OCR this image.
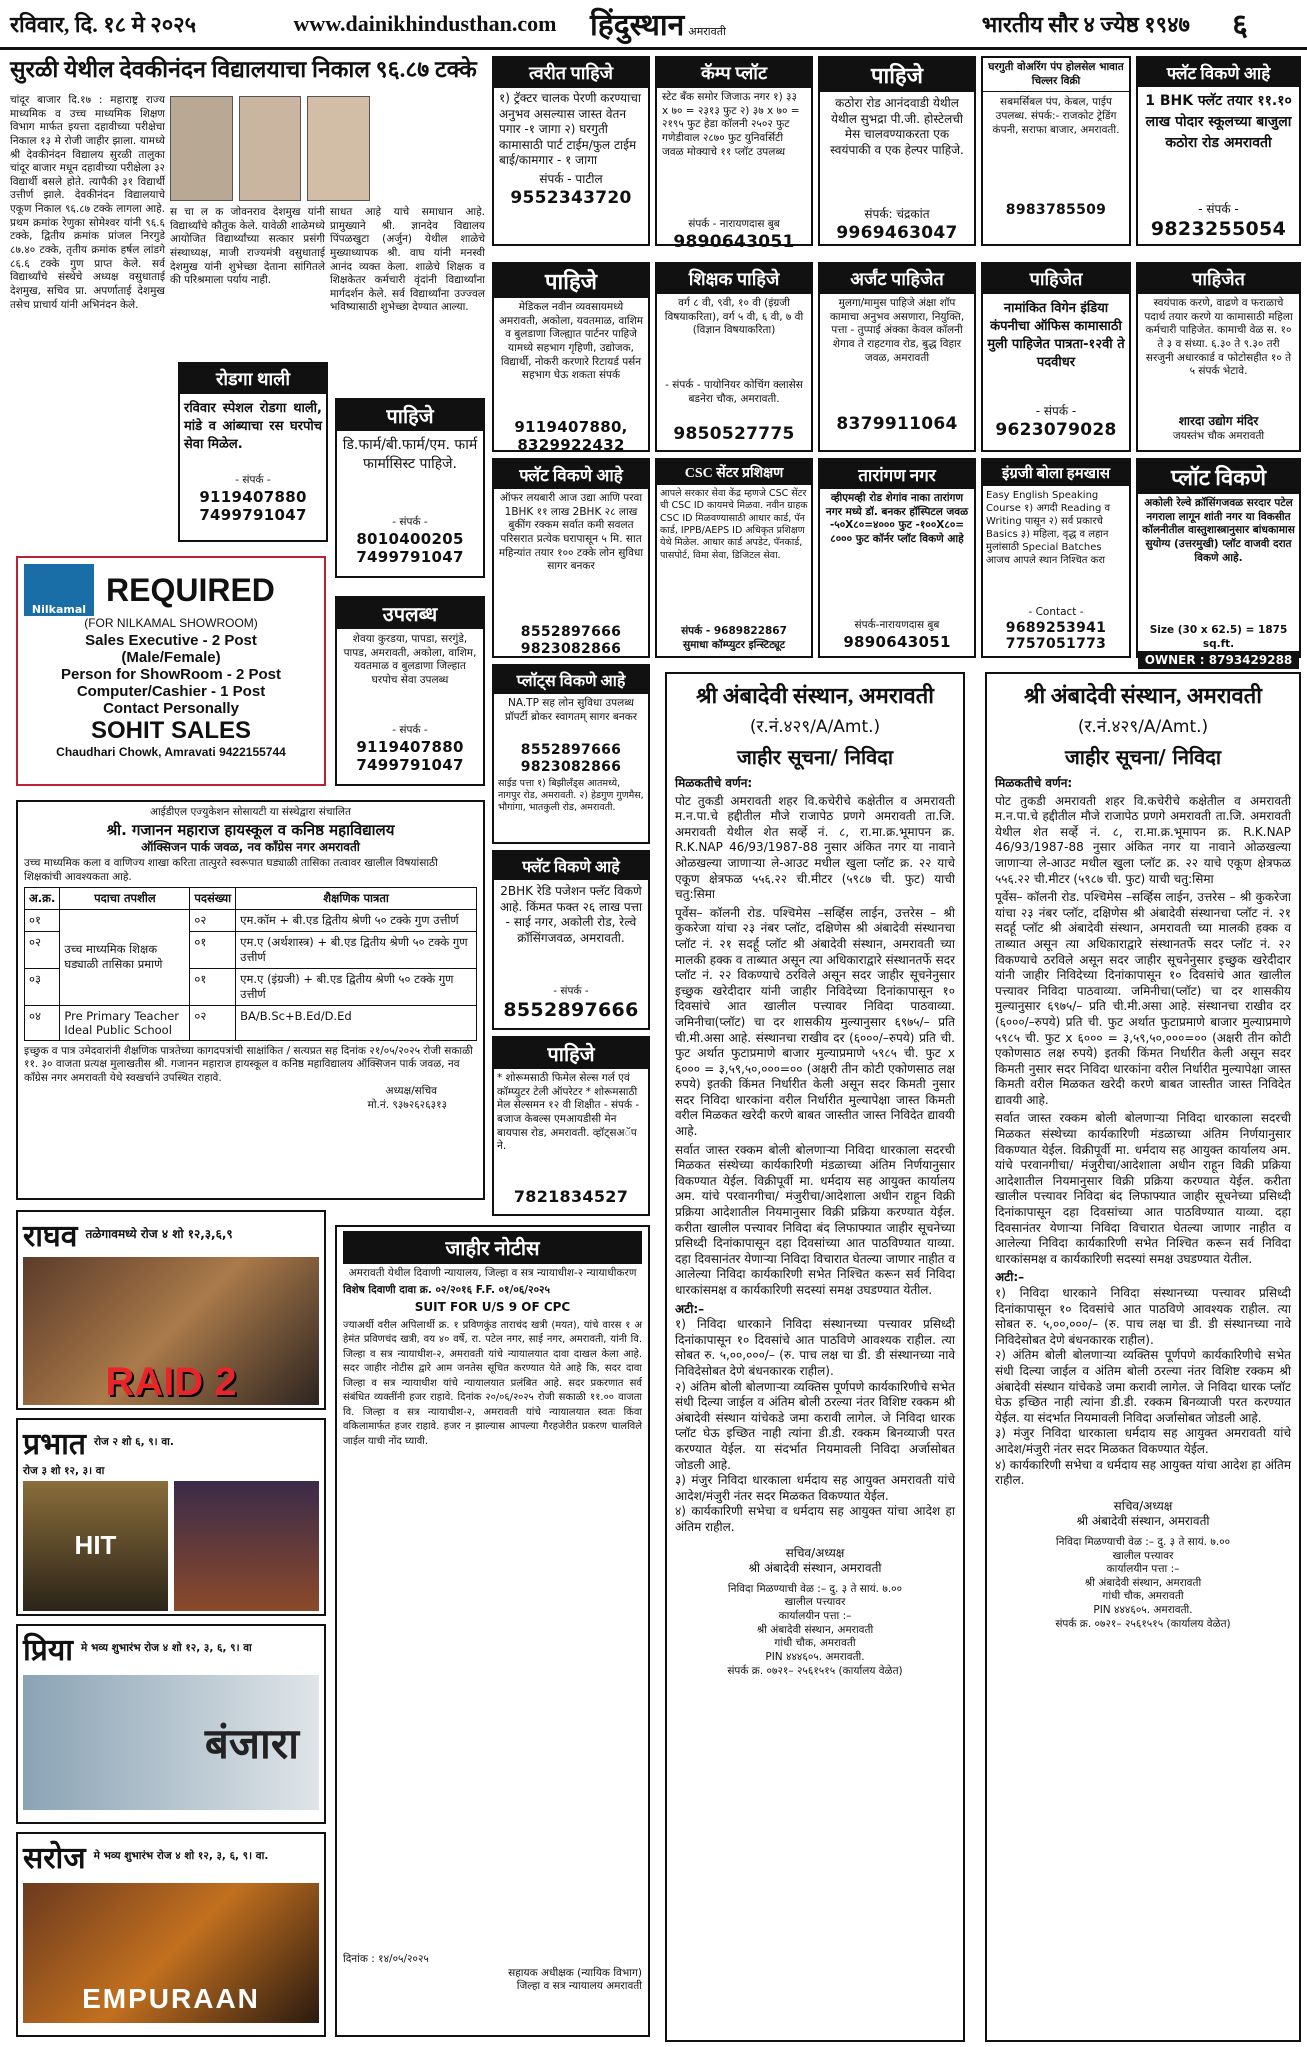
रविवार, दि. १८ मे २०२५	www.dainikhindusthan.com	हिंदुस्थान अमरावती	भारतीय सौर ४ ज्येष्ठ १९४७	६
सुरळी येथील देवकीनंदन विद्यालयाचा निकाल ९६.८७ टक्के
चांदूर बाजार दि.१७ : महाराष्ट्र राज्य माध्यमिक व उच्च माध्यमिक शिक्षण विभाग मार्फत इयत्ता दहावीच्या परीक्षेचा निकाल १३ मे रोजी जाहीर झाला. यामध्ये श्री देवकीनंदन विद्यालय सुरळी तालुका चांदूर बाजार मधून दहावीच्या परीक्षेला ३२ विद्यार्थी बसले होते. त्यापैकी ३१ विद्यार्थी उत्तीर्ण झाले. देवकीनंदन विद्यालयाचे एकूण निकाल ९६.८७ टक्के लागला आहे. प्रथम क्रमांक रेणुका सोमेश्वर यांनी ९६.६ टक्के, द्वितीय क्रमांक प्रांजल निरगुडे ८७.४० टक्के, तृतीय क्रमांक हर्षल लांडगे ८६.६ टक्के गुण प्राप्त केले. सर्व विद्यार्थ्यांचे संस्थेचे अध्यक्ष वसुधाताई देशमुख, सचिव प्रा. अपर्णाताई देशमुख तसेच प्राचार्य यांनी अभिनंदन केले.
स चा ल क जोवनराव देशमुख यांनी विद्यार्थ्यांचे कौतुक केले. यावेळी शाळेमध्ये आयोजित विद्यार्थ्यांच्या सत्कार प्रसंगी संस्थाध्यक्ष, माजी राज्यमंत्री वसुधाताई देशमुख यांनी शुभेच्छा देताना सांगितले की परिश्रमाला पर्याय नाही.
साधत आहे याचे समाधान आहे. प्रामुख्याने श्री. ज्ञानदेव विद्यालय पिंपळखुटा (अर्जुन) येथील शाळेचे मुख्याध्यापक श्री. वाघ यांनी मनस्वी आनंद व्यक्त केला. शाळेचे शिक्षक व शिक्षकेतर कर्मचारी वृंदांनी विद्यार्थ्यांना मार्गदर्शन केले. सर्व विद्यार्थ्यांना उज्ज्वल भविष्यासाठी शुभेच्छा देण्यात आल्या.
त्वरीत पाहिजे
१) ट्रॅक्टर चालक पेरणी करण्याचा अनुभव असल्यास जास्त वेतन पगार -१ जागा २) घरगुती कामासाठी पार्ट टाईम/फुल टाईम बाई/कामगार - १ जागा
संपर्क - पाटील
9552343720
कॅम्प प्लॉट
स्टेट बँक समोर जिजाऊ नगर १) ३३ x ७० = २३१३ फुट २) ३७ x ७० = २१९५ फुट हेडा कॉलनी २५०२ फुट गणेडीवाल २८७० फुट युनिवर्सिटी जवळ मोक्याचे ११ प्लॉट उपलब्ध
संपर्क - नारायणदास बुब
9890643051
पाहिजे
कठोरा रोड आनंदवाडी येथील येथील सुभद्रा पी.जी. होस्टेलची मेस चालवण्याकरता एक स्वयंपाकी व एक हेल्पर पाहिजे.
संपर्क: चंद्रकांत
9969463047
घरगुती वोअरिंग पंप होलसेल भावात चिल्लर विक्री
सबमर्सिबल पंप, केबल, पाईप उपलब्ध. संपर्क:- राजकोट ट्रेडिंग कंपनी, सराफा बाजार, अमरावती.
8983785509
फ्लॅट विकणे आहे
1 BHK फ्लॅट तयार ११.१० लाख पोदार स्कूलच्या बाजुला कठोरा रोड अमरावती
- संपर्क -
9823255054
पाहिजे
मेडिकल नवीन व्यवसायमध्ये अमरावती, अकोला, यवतमाळ, वाशिम व बुलडाणा जिल्ह्यात पार्टनर पाहिजे यामध्ये सहभाग गृहिणी, उद्योजक, विद्यार्थी, नोकरी करणारे रिटायर्ड पर्सन सहभाग घेऊ शकता संपर्क
9119407880, 8329922432
शिक्षक पाहिजे
वर्ग ८ वी, ९वी, १० वी (इंग्रजी विषयाकरिता), वर्ग ५ वी, ६ वी, ७ वी (विज्ञान विषयाकरिता)
- संपर्क - पायोनियर कोचिंग क्लासेस बडनेरा चौक, अमरावती.
9850527775
अर्जंट पाहिजेत
मुलगा/मामुस पाहिजे अंक्षा शॉप कामाचा अनुभव असणारा, नियुक्ति, पत्ता - तुप्पाई अंक्का केवल कॉलनी शेगाव ते राहटगाव रोड, बुद्ध विहार जवळ, अमरावती
8379911064
पाहिजेत
नामांकित विगेन इंडिया कंपनीचा ऑफिस कामासाठी मुली पाहिजेत पात्रता-१२वी ते पदवीधर
- संपर्क -
9623079028
पाहिजेत
स्वयंपाक करणे, वाढणे व फराळाचे पदार्थ तयार करणे या कामासाठी महिला कर्मचारी पाहिजेत. कामाची वेळ स. १० ते ३ व संध्या. ६.३० ते ९.३० तरी सरजुनी अधारकार्ड व फोटोसहीत १० ते ५ संपर्क भेटावे.
शारदा उद्योग मंदिर
जयस्तंभ चौक अमरावती
रोडगा थाली
रविवार स्पेशल रोडगा थाली, मांडे व आंब्याचा रस घरपोच सेवा मिळेल.
- संपर्क -
9119407880 7499791047
पाहिजे
डि.फार्म/बी.फार्म/एम. फार्म फार्मासिस्ट पाहिजे.
- संपर्क -
8010400205 7499791047
Nilkamal
REQUIRED
(FOR NILKAMAL SHOWROOM)
Sales Executive - 2 Post
(Male/Female)
Person for ShowRoom - 2 Post
Computer/Cashier - 1 Post
Contact Personally
SOHIT SALES
Chaudhari Chowk, Amravati 9422155744
उपलब्ध
शेवया कुरडया, पापडा, सरगुंडे, पापड, अमरावती, अकोला, वाशिम, यवतमाळ व बुलडाणा जिल्हात घरपोच सेवा उपलब्ध
- संपर्क -
9119407880 7499791047
फ्लॅट विकणे आहे
ऑफर लयबारी आज उद्या आणि परवा 1BHK ११ लाख 2BHK २८ लाख बुकींग रक्कम सर्वात कमी सवलत परिसरात प्रत्येक घरापासून ५ मि. सात महिन्यांत तयार १०० टक्के लोन सुविधा सागर बनकर
8552897666 9823082866
CSC सेंटर प्रशिक्षण
आपले सरकार सेवा केंद्र म्हणजे CSC सेंटर ची CSC ID कायमचे मिळवा. नवीन ग्राहक CSC ID मिळवण्यासाठी आधार कार्ड, पॅन कार्ड, IPPB/AEPS ID अधिकृत प्रशिक्षण येथे मिळेल. आधार कार्ड अपडेट, पॅनकार्ड, पासपोर्ट, विमा सेवा, डिजिटल सेवा.
संपर्क - 9689822867
सुमाधा कॉम्प्युटर इन्स्टिट्यूट
तारांगण नगर
व्हीएमव्ही रोड शेगांव नाका तारांगण नगर मध्ये डॉ. बनकर हॉस्पिटल जवळ -५०X८०=४००० फुट -१००X८०= ८००० फुट कॉर्नर प्लॉट विकणे आहे
संपर्क-नारायणदास बुब
9890643051
इंग्रजी बोला हमखास
Easy English Speaking Course १) अगदी Reading व Writing पासून २) सर्व प्रकारचे Basics ३) महिला, वृद्ध व लहान मुलांसाठी Special Batches आजच आपले स्थान निश्चित करा
- Contact -
9689253941 7757051773
प्लॉट विकणे
अकोली रेल्वे क्रॉसिंगजवळ सरदार पटेल नगराला लागून शांती नगर या विकसीत कॉलनीतील वास्तुशास्त्रानुसार बांधकामास सुयोग्य (उत्तरमुखी) प्लॉट वाजवी दरात विकणे आहे.
Size (30 x 62.5) = 1875 sq.ft.
OWNER : 8793429288
प्लॉट्स विकणे आहे
NA.TP सह लोन सुविधा उपलब्ध प्रॉपर्टी ब्रोकर स्वागतम् सागर बनकर
8552897666 9823082866
साईड पत्ता १) बिझीलॅंड्स आतमध्ये, नागपुर रोड, अमरावती. २) हेडगुण गुणमैस, भौगांगा, भातकुली रोड, अमरावती.
फ्लॅट विकणे आहे
2BHK रेडि पजेशन फ्लॅट विकणे आहे. किंमत फक्त २६ लाख पत्ता - साई नगर, अकोली रोड, रेल्वे क्रॉसिंगजवळ, अमरावती.
- संपर्क -
8552897666
पाहिजे
* शोरूमसाठी फिमेल सेल्स गर्ल एवं कॉम्प्युटर टेली ऑपरेटर * शोरूमसाठी मेल सेल्समन १२ वी शिक्षीत - संपर्क - बजाज केबल्स एमआयडीसी मेन बायपास रोड, अमरावती. व्हॉट्सअॅप ने.
7821834527
आईडीएल एज्युकेशन सोसायटी या संस्थेद्वारा संचालित
श्री. गजानन महाराज हायस्कूल व कनिष्ठ महाविद्यालय
ऑक्सिजन पार्क जवळ, नव काँग्रेस नगर अमरावती
उच्च माध्यमिक कला व वाणिज्य शाखा करिता तात्पुरते स्वरूपात घड्याळी तासिका तत्वावर खालील विषयांसाठी शिक्षकांची आवश्यकता आहे.
अ.क्र.	पदाचा तपशील	पदसंख्या	शैक्षणिक पात्रता
०१	उच्च माध्यमिक शिक्षक घड्याळी तासिका प्रमाणे	०२	एम.कॉम + बी.एड द्वितीय श्रेणी ५० टक्के गुण उत्तीर्ण
०२		०१	एम.ए (अर्थशास्त्र) + बी.एड द्वितीय श्रेणी ५० टक्के गुण उत्तीर्ण
०३		०१	एम.ए (इंग्रजी) + बी.एड द्वितीय श्रेणी ५० टक्के गुण उत्तीर्ण
०४	Pre Primary Teacher Ideal Public School	०२	BA/B.Sc+B.Ed/D.Ed
इच्छुक व पात्र उमेदवारांनी शैक्षणिक पात्रतेच्या कागदपत्रांची साक्षांकित / सत्यप्रत सह दिनांक २१/०५/२०२५ रोजी सकाळी ११. ३० वाजता प्रत्यक्ष मुलाखतीस श्री. गजानन महाराज हायस्कूल व कनिष्ठ महाविद्यालय ऑक्सिजन पार्क जवळ, नव काँग्रेस नगर अमरावती येथे स्वखर्चाने उपस्थित राहावे.
अध्यक्ष/सचिव
मो.नं. ९३७२६२६३१३
राघव तळेगावमध्ये रोज ४ शो १२,३,६,९
RAID 2
प्रभात रोज २ शो ६, ९। वा.
रोज ३ शो १२, ३। वा
HIT
प्रिया मे भव्य शुभारंभ रोज ४ शो १२, ३, ६, ९। वा
बंजारा
सरोज मे भव्य शुभारंभ रोज ४ शो १२, ३, ६, ९। वा.
EMPURAAN
जाहीर नोटीस
अमरावती येथील दिवाणी न्यायालय, जिल्हा व सत्र न्यायाधीश-२ न्यायाधीकरण
विशेष दिवाणी दावा क्र. ०२/२०१६ F.F. ०१/०६/२०२५
SUIT FOR U/S 9 OF CPC
ज्याअर्थी वरील अपिलार्थी क्र. १ प्रविणकुंड ताराचंद खत्री (मयत), यांचे वारस १ अ हेमंत प्रविणचंद खत्री, वय ४० वर्षे, रा. पटेल नगर, साई नगर, अमरावती, यांनी वि. जिल्हा व सत्र न्यायाधीश-२, अमरावती यांचे न्यायालयात दावा दाखल केला आहे. सदर जाहीर नोटीस द्वारे आम जनतेस सूचित करण्यात येते आहे कि, सदर दावा जिल्हा व सत्र न्यायाधीश यांचे न्यायालयात प्रलंबित आहे. सदर प्रकरणात सर्व संबंधित व्यक्तींनी हजर राहावे. दिनांक २०/०६/२०२५ रोजी सकाळी ११.०० वाजता वि. जिल्हा व सत्र न्यायाधीश-२, अमरावती यांचे न्यायालयात स्वतः किंवा वकिलामार्फत हजर राहावे. हजर न झाल्यास आपल्या गैरहजेरीत प्रकरण चालविले जाईल याची नोंद घ्यावी.
दिनांक : १४/०५/२०२५
सहायक अधीक्षक (न्यायिक विभाग)
जिल्हा व सत्र न्यायालय अमरावती
श्री अंबादेवी संस्थान, अमरावती
(र.नं.४२९/A/Amt.)
जाहीर सूचना/ निविदा
मिळकतीचे वर्णन:
पोट तुकडी अमरावती शहर वि.कचेरीचे कक्षेतील व अमरावती म.न.पा.चे हद्दीतील मौजे राजापेठ प्रणगे अमरावती ता.जि. अमरावती येथील शेत सर्व्हे नं. ८, रा.मा.क्र.भूमापन क्र. R.K.NAP 46/93/1987-88 नुसार अंकित नगर या नावाने ओळखल्या जाणाऱ्या ले-आउट मधील खुला प्लॉट क्र. २२ याचे एकूण क्षेत्रफळ ५५६.२२ ची.मीटर (५९८७ ची. फुट) याची चतु:सिमा
पूर्वेस– कॉलनी रोड. पश्चिमेस –सर्व्हिस लाईन, उत्तरेस – श्री कुकरेजा यांचा २३ नंबर प्लॉट, दक्षिणेस श्री अंबादेवी संस्थानचा प्लॉट नं. २१ सदर्हू प्लॉट श्री अंबादेवी संस्थान, अमरावती च्या मालकी हक्क व ताब्यात असून त्या अधिकाराद्वारे संस्थानतर्फे सदर प्लॉट नं. २२ विकण्याचे ठरविले असून सदर जाहीर सूचनेनुसार इच्छुक खरेदीदार यांनी जाहीर निविदेच्या दिनांकापासून १० दिवसांचे आत खालील पत्त्यावर निविदा पाठवाव्या. जमिनीचा(प्लॉट) चा दर शासकीय मुल्यानुसार ६९७५/– प्रति ची.मी.असा आहे. संस्थानचा राखीव दर (६०००/–रुपये) प्रति ची. फुट अर्थात फुटाप्रमाणे बाजार मुल्याप्रमाणे ५९८५ ची. फुट x ६००० = ३,५९,५०,०००=०० (अक्षरी तीन कोटी एकोणसाठ लक्ष रुपये) इतकी किंमत निर्धारीत केली असून सदर किमती नुसार सदर निविदा धारकांना वरील निर्धारीत मुल्यापेक्षा जास्त किमती वरील मिळकत खरेदी करणे बाबत जास्तीत जास्त निविदेत द्यावयी आहे.
सर्वात जास्त रक्कम बोली बोलणाऱ्या निविदा धारकाला सदरची मिळकत संस्थेच्या कार्यकारिणी मंडळाच्या अंतिम निर्णयानुसार विकण्यात येईल. विक्रीपूर्वी मा. धर्मदाय सह आयुक्त कार्यालय अम. यांचे परवानगीचा/ मंजुरीचा/आदेशाला अधीन राहून विक्री प्रक्रिया आदेशातील नियमानुसार विक्री प्रक्रिया करण्यात येईल. करीता खालील पत्त्यावर निविदा बंद लिफाफ्यात जाहीर सूचनेच्या प्रसिध्दी दिनांकापासून दहा दिवसांच्या आत पाठविण्यात याव्या. दहा दिवसानंतर येणाऱ्या निविदा विचारात घेतल्या जाणार नाहीत व आलेल्या निविदा कार्यकारिणी सभेत निश्चित करून सर्व निविदा धारकांसमक्ष व कार्यकारिणी सदस्यां समक्ष उघडण्यात येतील.
अटी:–
१) निविदा धारकाने निविदा संस्थानच्या पत्त्यावर प्रसिध्दी दिनांकापासून १० दिवसांचे आत पाठविणे आवश्यक राहील. त्या सोबत रु. ५,००,०००/– (रु. पाच लक्ष चा डी. डी संस्थानच्या नावे निविदेसोबत देणे बंधनकारक राहील).
२) अंतिम बोली बोलणाऱ्या व्यक्तिस पूर्णपणे कार्यकारिणीचे सभेत संधी दिल्या जाईल व अंतिम बोली ठरल्या नंतर विशिष्ट रक्कम श्री अंबादेवी संस्थान यांचेकडे जमा करावी लागेल. जे निविदा धारक प्लॉट घेऊ इच्छित नाही त्यांना डी.डी. रक्कम बिनव्याजी परत करण्यात येईल. या संदर्भात नियमावली निविदा अर्जासोबत जोडली आहे.
३) मंजुर निविदा धारकाला धर्मदाय सह आयुक्त अमरावती यांचे आदेश/मंजुरी नंतर सदर मिळकत विकण्यात येईल.
४) कार्यकारिणी सभेचा व धर्मदाय सह आयुक्त यांचा आदेश हा अंतिम राहील.
सचिव/अध्यक्ष
श्री अंबादेवी संस्थान, अमरावती
निविदा मिळण्याची वेळ :– दु. ३ ते सायं. ७.००
खालील पत्त्यावर
कार्यालयीन पत्ता :–
श्री अंबादेवी संस्थान, अमरावती
गांधी चौक, अमरावती
PIN ४४४६०५. अमरावती.
संपर्क क्र. ०७२१– २५६१५१५ (कार्यालय वेळेत)
श्री अंबादेवी संस्थान, अमरावती
(र.नं.४२९/A/Amt.)
जाहीर सूचना/ निविदा
मिळकतीचे वर्णन:
पोट तुकडी अमरावती शहर वि.कचेरीचे कक्षेतील व अमरावती म.न.पा.चे हद्दीतील मौजे राजापेठ प्रणगे अमरावती ता.जि. अमरावती येथील शेत सर्व्हे नं. ८, रा.मा.क्र.भूमापन क्र. R.K.NAP 46/93/1987-88 नुसार अंकित नगर या नावाने ओळखल्या जाणाऱ्या ले-आउट मधील खुला प्लॉट क्र. २२ याचे एकूण क्षेत्रफळ ५५६.२२ ची.मीटर (५९८७ ची. फुट) याची चतु:सिमा
पूर्वेस– कॉलनी रोड. पश्चिमेस –सर्व्हिस लाईन, उत्तरेस – श्री कुकरेजा यांचा २३ नंबर प्लॉट, दक्षिणेस श्री अंबादेवी संस्थानचा प्लॉट नं. २१ सदर्हू प्लॉट श्री अंबादेवी संस्थान, अमरावती च्या मालकी हक्क व ताब्यात असून त्या अधिकाराद्वारे संस्थानतर्फे सदर प्लॉट नं. २२ विकण्याचे ठरविले असून सदर जाहीर सूचनेनुसार इच्छुक खरेदीदार यांनी जाहीर निविदेच्या दिनांकापासून १० दिवसांचे आत खालील पत्त्यावर निविदा पाठवाव्या. जमिनीचा(प्लॉट) चा दर शासकीय मुल्यानुसार ६९७५/– प्रति ची.मी.असा आहे. संस्थानचा राखीव दर (६०००/–रुपये) प्रति ची. फुट अर्थात फुटाप्रमाणे बाजार मुल्याप्रमाणे ५९८५ ची. फुट x ६००० = ३,५९,५०,०००=०० (अक्षरी तीन कोटी एकोणसाठ लक्ष रुपये) इतकी किंमत निर्धारीत केली असून सदर किमती नुसार सदर निविदा धारकांना वरील निर्धारीत मुल्यापेक्षा जास्त किमती वरील मिळकत खरेदी करणे बाबत जास्तीत जास्त निविदेत द्यावयी आहे.
सर्वात जास्त रक्कम बोली बोलणाऱ्या निविदा धारकाला सदरची मिळकत संस्थेच्या कार्यकारिणी मंडळाच्या अंतिम निर्णयानुसार विकण्यात येईल. विक्रीपूर्वी मा. धर्मदाय सह आयुक्त कार्यालय अम. यांचे परवानगीचा/ मंजुरीचा/आदेशाला अधीन राहून विक्री प्रक्रिया आदेशातील नियमानुसार विक्री प्रक्रिया करण्यात येईल. करीता खालील पत्त्यावर निविदा बंद लिफाफ्यात जाहीर सूचनेच्या प्रसिध्दी दिनांकापासून दहा दिवसांच्या आत पाठविण्यात याव्या. दहा दिवसानंतर येणाऱ्या निविदा विचारात घेतल्या जाणार नाहीत व आलेल्या निविदा कार्यकारिणी सभेत निश्चित करून सर्व निविदा धारकांसमक्ष व कार्यकारिणी सदस्यां समक्ष उघडण्यात येतील.
अटी:–
१) निविदा धारकाने निविदा संस्थानच्या पत्त्यावर प्रसिध्दी दिनांकापासून १० दिवसांचे आत पाठविणे आवश्यक राहील. त्या सोबत रु. ५,००,०००/– (रु. पाच लक्ष चा डी. डी संस्थानच्या नावे निविदेसोबत देणे बंधनकारक राहील).
२) अंतिम बोली बोलणाऱ्या व्यक्तिस पूर्णपणे कार्यकारिणीचे सभेत संधी दिल्या जाईल व अंतिम बोली ठरल्या नंतर विशिष्ट रक्कम श्री अंबादेवी संस्थान यांचेकडे जमा करावी लागेल. जे निविदा धारक प्लॉट घेऊ इच्छित नाही त्यांना डी.डी. रक्कम बिनव्याजी परत करण्यात येईल. या संदर्भात नियमावली निविदा अर्जासोबत जोडली आहे.
३) मंजुर निविदा धारकाला धर्मदाय सह आयुक्त अमरावती यांचे आदेश/मंजुरी नंतर सदर मिळकत विकण्यात येईल.
४) कार्यकारिणी सभेचा व धर्मदाय सह आयुक्त यांचा आदेश हा अंतिम राहील.
सचिव/अध्यक्ष
श्री अंबादेवी संस्थान, अमरावती
निविदा मिळण्याची वेळ :– दु. ३ ते सायं. ७.००
खालील पत्त्यावर
कार्यालयीन पत्ता :–
श्री अंबादेवी संस्थान, अमरावती
गांधी चौक, अमरावती
PIN ४४४६०५. अमरावती.
संपर्क क्र. ०७२१– २५६१५१५ (कार्यालय वेळेत)
